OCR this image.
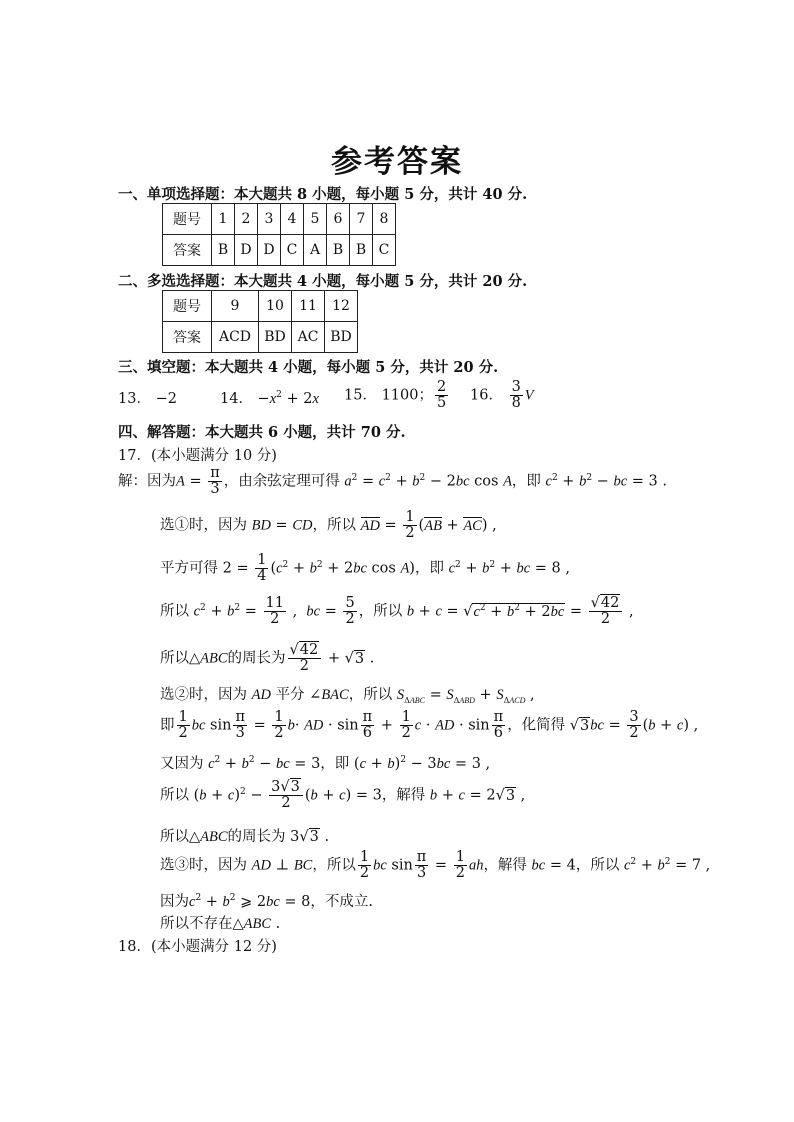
参考答案
一、单项选择题：本大题共 8 小题，每小题 5 分，共计 40 分.
题号	1	2	3	4	5	6	7	8
答案	B	D	D	C	A	B	B	C
二、多选选择题：本大题共 4 小题，每小题 5 分，共计 20 分.
题号	9	10	11	12
答案	ACD	BD	AC	BD
三、填空题：本大题共 4 小题，每小题 5 分，共计 20 分.
13． −2	14． $-x^2 + 2x$ 15． 1100； $\frac{2}{5} 16$． $\frac{3}{8}$ V
四、解答题：本大题共 6 小题，共计 70 分.
17．(本小题满分 10 分)
解：因为$A = \frac{\pi}{3}$ ，由余弦定理可得 $a^2 = c^2 + b^2 - 2bc$ cos A，即 $c^2 + b^2$ − bc = 3 .
选①时，因为 BD = CD，所以 AD = $\frac{1}{2} (AB + AC)$ ,
平方可得 $2 = \frac{1}{4} (c^2 + b^2 + 2bc$ cos A)，即 $c^2 + b^2$ + bc = 8 ,
所以 $c^2 + b^2 = \frac{11}{2}$ ,  bc = $\frac{5}{2}$ ，所以 $b + c = √c^2 + b^2 + 2bc = \frac{√42}{2}$ ,
所以△ABC的周长为 $\frac{√42}{2} + √3$ .
选②时，因为 AD 平分 ∠BAC，所以 $S_{\Delta ABC} = S_{\Delta ABD} + S_{\Delta ACD}$ ,
即 $\frac{1}{2}$ bc $\sin \frac{\pi}{3} = \frac{1}{2} b\cdot$ AD · $\sin \frac{\pi}{6} + \frac{1}{2}$ c · AD · $\sin \frac{\pi}{6}$ ，化简得 $√3bc = \frac{3}{2} (b + c)$ ,
又因为 $c^2 + b^2$ − bc = 3，即 $(c + b)^2 - 3bc = 3$ ,
所以 $(b + c)^2 - \frac{3√3}{2} (b + c) = 3$，解得 b + c = 2√3 ,
所以△ABC的周长为 3√3 .
选③时，因为 AD ⊥ BC，所以 $\frac{1}{2}$ bc $\sin \frac{\pi}{3} = \frac{1}{2}$ ah，解得 bc = 4，所以 $c^2 + b^2 = 7$ ,
因为$c^2 + b^2$ ⩾ 2bc = 8，不成立.
所以不存在△ABC .
18．(本小题满分 12 分)
